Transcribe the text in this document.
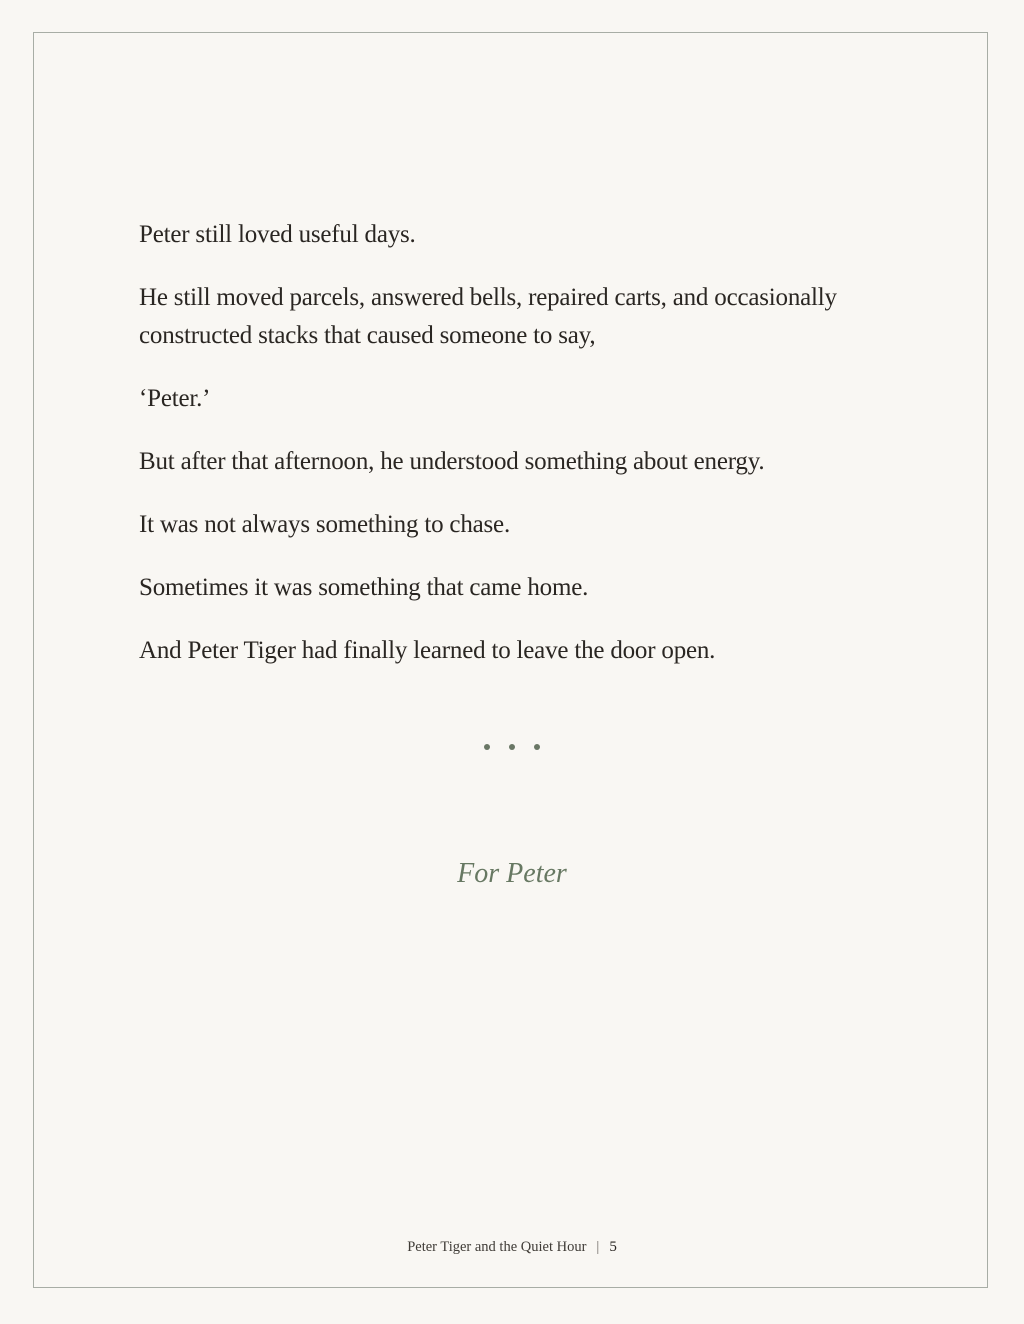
Peter still loved useful days.

He still moved parcels, answered bells, repaired carts, and occasionally constructed stacks that caused someone to say,

‘Peter.’

But after that afternoon, he understood something about energy.

It was not always something to chase.

Sometimes it was something that came home.

And Peter Tiger had finally learned to leave the door open.

For Peter
Peter Tiger and the Quiet Hour | 5
